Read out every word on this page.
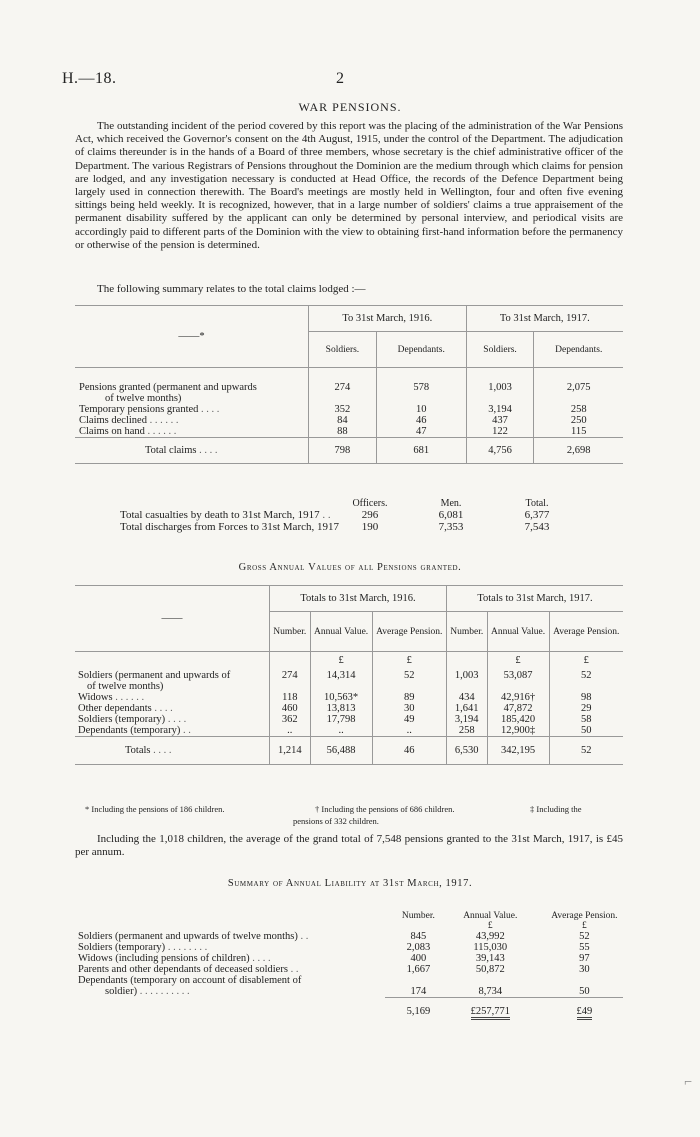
H.—18.	2
WAR PENSIONS.
The outstanding incident of the period covered by this report was the placing of the administration of the War Pensions Act, which received the Governor's consent on the 4th August, 1915, under the control of the Department. The adjudication of claims thereunder is in the hands of a Board of three members, whose secretary is the chief administrative officer of the Department. The various Registrars of Pensions throughout the Dominion are the medium through which claims for pension are lodged, and any investigation necessary is conducted at Head Office, the records of the Defence Department being largely used in connection therewith. The Board's meetings are mostly held in Wellington, four and often five evening sittings being held weekly. It is recognized, however, that in a large number of soldiers' claims a true appraisement of the permanent disability suffered by the applicant can only be determined by personal interview, and periodical visits are accordingly paid to different parts of the Dominion with the view to obtaining first-hand information before the permanency or otherwise of the pension is determined.
The following summary relates to the total claims lodged :—
——*	To 31st March, 1916.		To 31st March, 1917.	
	Soldiers.	Dependants.	Soldiers.	Dependants.

Pensions granted (permanent and upwards	274	578	1,003	2,075
of twelve months)				
Temporary pensions granted . . . .	352	10	3,194	258
Claims declined . . . . . .	84	46	437	250
Claims on hand . . . . . .	88	47	122	115
Total claims . . . .	798	681	4,756	2,698

	Officers.	Men.	Total.
Total casualties by death to 31st March, 1917 . .	296	6,081	6,377
Total discharges from Forces to 31st March, 1917	190	7,353	7,543
Gross Annual Values of all Pensions granted.
——	Totals to 31st March, 1916.			Totals to 31st March, 1917.		
	Number.	Annual Value.	Average Pension.	Number.	Annual Value.	Average Pension.
		£	£		£	£
Soldiers (permanent and upwards of	274	14,314	52	1,003	53,087	52
of twelve months)						
Widows . . . . . .	118	10,563*	89	434	42,916†	98
Other dependants . . . .	460	13,813	30	1,641	47,872	29
Soldiers (temporary) . . . .	362	17,798	49	3,194	185,420	58
Dependants (temporary) . .	..	..	..	258	12,900‡	50
Totals . . . .	1,214	56,488	46	6,530	342,195	52

* Including the pensions of 186 children.	† Including the pensions of 686 children.
pensions of 332 children.
‡ Including the
Including the 1,018 children, the average of the grand total of 7,548 pensions granted to the 31st March, 1917, is £45 per annum.
Summary of Annual Liability at 31st March, 1917.
	Number.	Annual Value.	Average Pension.
		£	£
Soldiers (permanent and upwards of twelve months) . .	845	43,992	52
Soldiers (temporary) . . . . . . . .	2,083	115,030	55
Widows (including pensions of children) . . . .	400	39,143	97
Parents and other dependants of deceased soldiers . .	1,667	50,872	30
Dependants (temporary on account of disablement of			
soldier) . . . . . . . . . .	174	8,734	50

	5,169	£257,771	£49
⌐
